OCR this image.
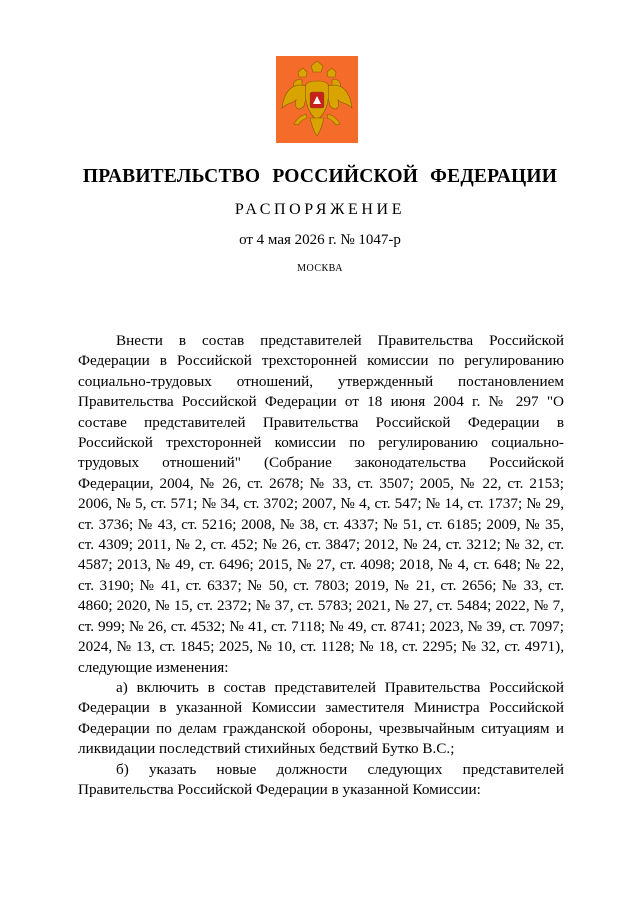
ПРАВИТЕЛЬСТВО РОССИЙСКОЙ ФЕДЕРАЦИИ
РАСПОРЯЖЕНИЕ
от 4 мая 2026 г. № 1047-р
МОСКВА

Внести в состав представителей Правительства Российской Федерации в Российской трехсторонней комиссии по регулированию социально-трудовых отношений, утвержденный постановлением Правительства Российской Федерации от 18 июня 2004 г. № 297 "О составе представителей Правительства Российской Федерации в Российской трехсторонней комиссии по регулированию социально-трудовых отношений" (Собрание законодательства Российской Федерации, 2004, № 26, ст. 2678; № 33, ст. 3507; 2005, № 22, ст. 2153; 2006, № 5, ст. 571; № 34, ст. 3702; 2007, № 4, ст. 547; № 14, ст. 1737; № 29, ст. 3736; № 43, ст. 5216; 2008, № 38, ст. 4337; № 51, ст. 6185; 2009, № 35, ст. 4309; 2011, № 2, ст. 452; № 26, ст. 3847; 2012, № 24, ст. 3212; № 32, ст. 4587; 2013, № 49, ст. 6496; 2015, № 27, ст. 4098; 2018, № 4, ст. 648; № 22, ст. 3190; № 41, ст. 6337; № 50, ст. 7803; 2019, № 21, ст. 2656; № 33, ст. 4860; 2020, № 15, ст. 2372; № 37, ст. 5783; 2021, № 27, ст. 5484; 2022, № 7, ст. 999; № 26, ст. 4532; № 41, ст. 7118; № 49, ст. 8741; 2023, № 39, ст. 7097; 2024, № 13, ст. 1845; 2025, № 10, ст. 1128; № 18, ст. 2295; № 32, ст. 4971), следующие изменения:

а) включить в состав представителей Правительства Российской Федерации в указанной Комиссии заместителя Министра Российской Федерации по делам гражданской обороны, чрезвычайным ситуациям и ликвидации последствий стихийных бедствий Бутко В.С.;

б) указать новые должности следующих представителей Правительства Российской Федерации в указанной Комиссии:
